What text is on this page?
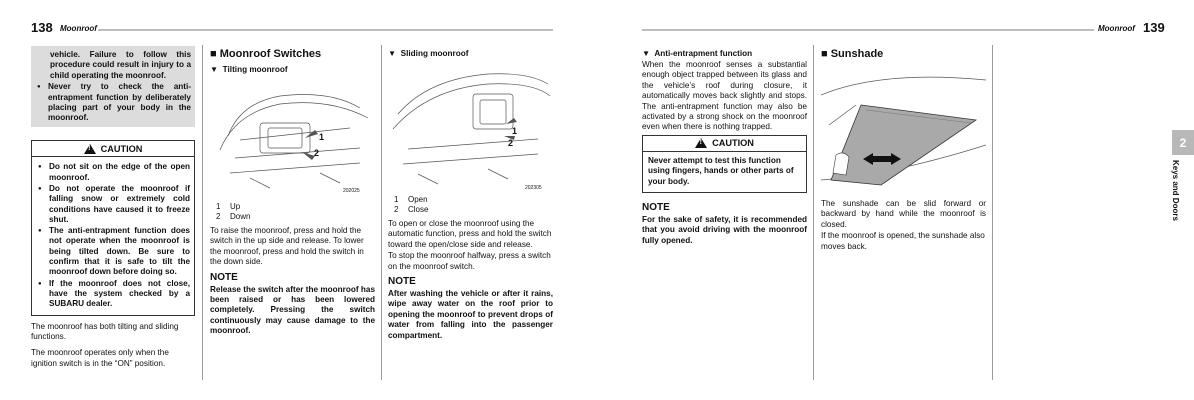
138 Moonroof	Moonroof 139
vehicle. Failure to follow this procedure could result in injury to a child operating the moonroof.
● Never try to check the anti-entrapment function by deliberately placing part of your body in the moonroof.
! CAUTION
● Do not sit on the edge of the open moonroof.
● Do not operate the moonroof if falling snow or extremely cold conditions have caused it to freeze shut.
● The anti-entrapment function does not operate when the moonroof is being tilted down. Be sure to confirm that it is safe to tilt the moonroof down before doing so.
● If the moonroof does not close, have the system checked by a SUBARU dealer.
The moonroof has both tilting and sliding functions.
The moonroof operates only when the ignition switch is in the “ON” position.
■ Moonroof Switches
▼ Tilting moonroof
1
2
202025
1 Up
2 Down
To raise the moonroof, press and hold the switch in the up side and release. To lower the moonroof, press and hold the switch in the down side.
NOTE
Release the switch after the moonroof has been raised or has been lowered completely. Pressing the switch continuously may cause damage to the moonroof.
▼ Sliding moonroof
1
2
202305
1 Open
2 Close
To open or close the moonroof using the automatic function, press and hold the switch toward the open/close side and release.
To stop the moonroof halfway, press a switch on the moonroof switch.
NOTE
After washing the vehicle or after it rains, wipe away water on the roof prior to opening the moonroof to prevent drops of water from falling into the passenger compartment.
▼ Anti-entrapment function
When the moonroof senses a substantial enough object trapped between its glass and the vehicle’s roof during closure, it automatically moves back slightly and stops. The anti-entrapment function may also be activated by a strong shock on the moonroof even when there is nothing trapped.
! CAUTION
Never attempt to test this function using fingers, hands or other parts of your body.
NOTE
For the sake of safety, it is recommended that you avoid driving with the moonroof fully opened.
■ Sunshade
The sunshade can be slid forward or backward by hand while the moonroof is closed.
If the moonroof is opened, the sunshade also moves back.
2
Keys and Doors
